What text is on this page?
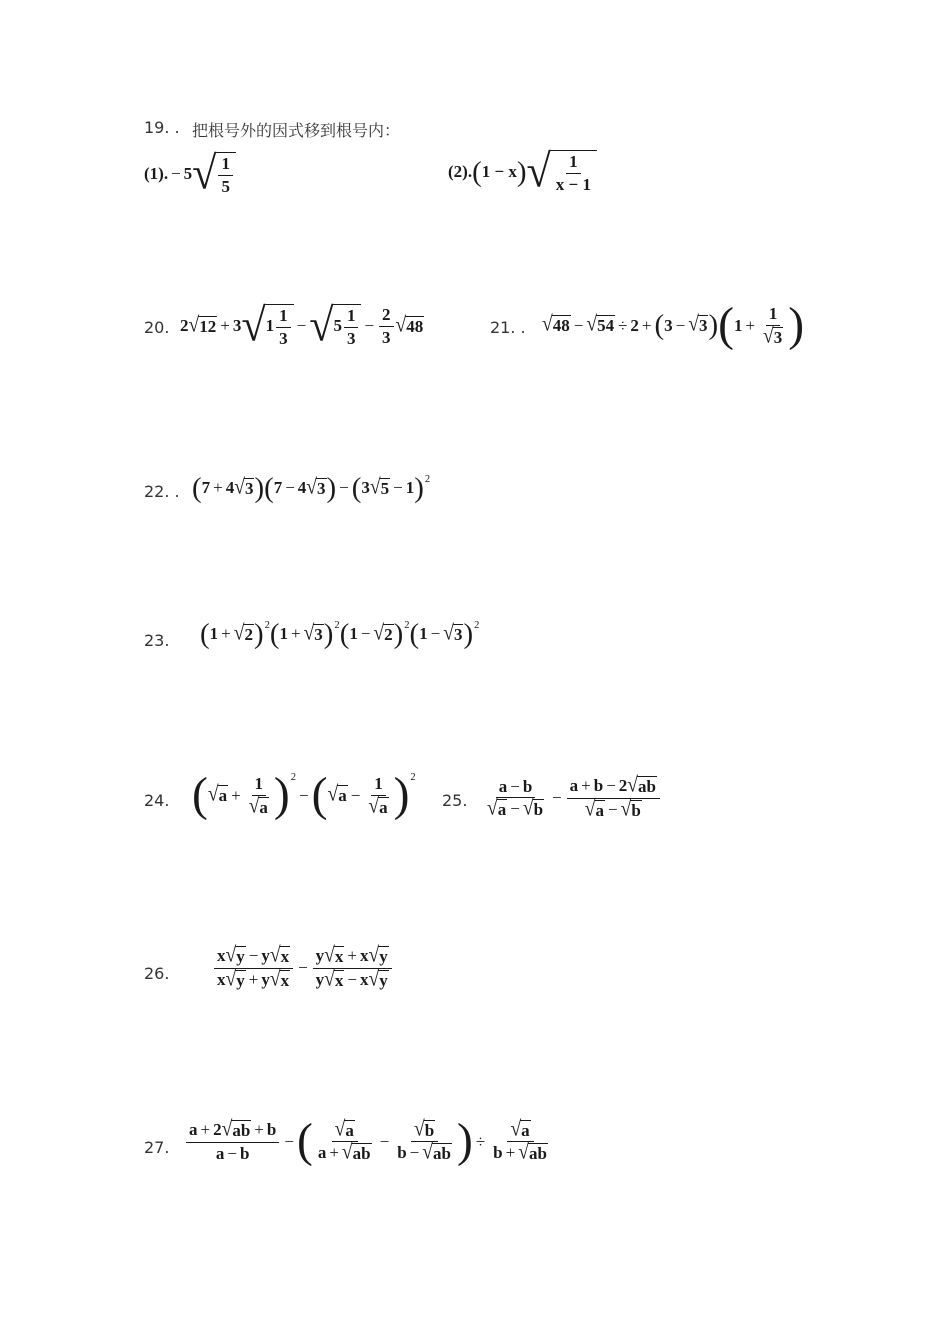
19. . 把根号外的因式移到根号内：
(1). − 5 √ $\frac{1}{5}$	(2). ( 1 − x ) √ $\frac{1}{x - 1}$
20. 2 √ 12 + 3 √ $1 \frac{1}{3}$ − √ $5 \frac{1}{3} - \frac{2}{3}$ √ 48	21. . √ 48 − √ 54 ÷ 2 + ( 3 − √ 3 ) ( $1 + \frac{1}{√ 3}$ )
22. . ( 7 + 4 √ 3 ) ( 7 − 4 √ 3 ) − ( 3 √ 5 − 1 ) 2
23. ( 1 + √ 2 ) 2 ( 1 + √ 3 ) 2 ( 1 − √ 2 ) 2 ( 1 − √ 3 ) 2
24. ( √ $a + \frac{1}{√ a}$ ) 2
− ( √ $a - \frac{1}{√ a}$ ) 2
25. $\frac{a - b}{√ a - √ b} - \frac{a + b - 2 √ ab}{√ a - √ b}$
26.	$\frac{x √ y - y √ x}{x √ y + y √ x} - \frac{y √ x + x √ y}{y √ x - x √ y}$
27. $\frac{a + 2 √ ab + b}{a - b}$ − ( $\frac{√ a}{a + √ ab} - \frac{√ b}{b - √ ab}$ ) ÷ $\frac{√ a}{b + √ ab}$
